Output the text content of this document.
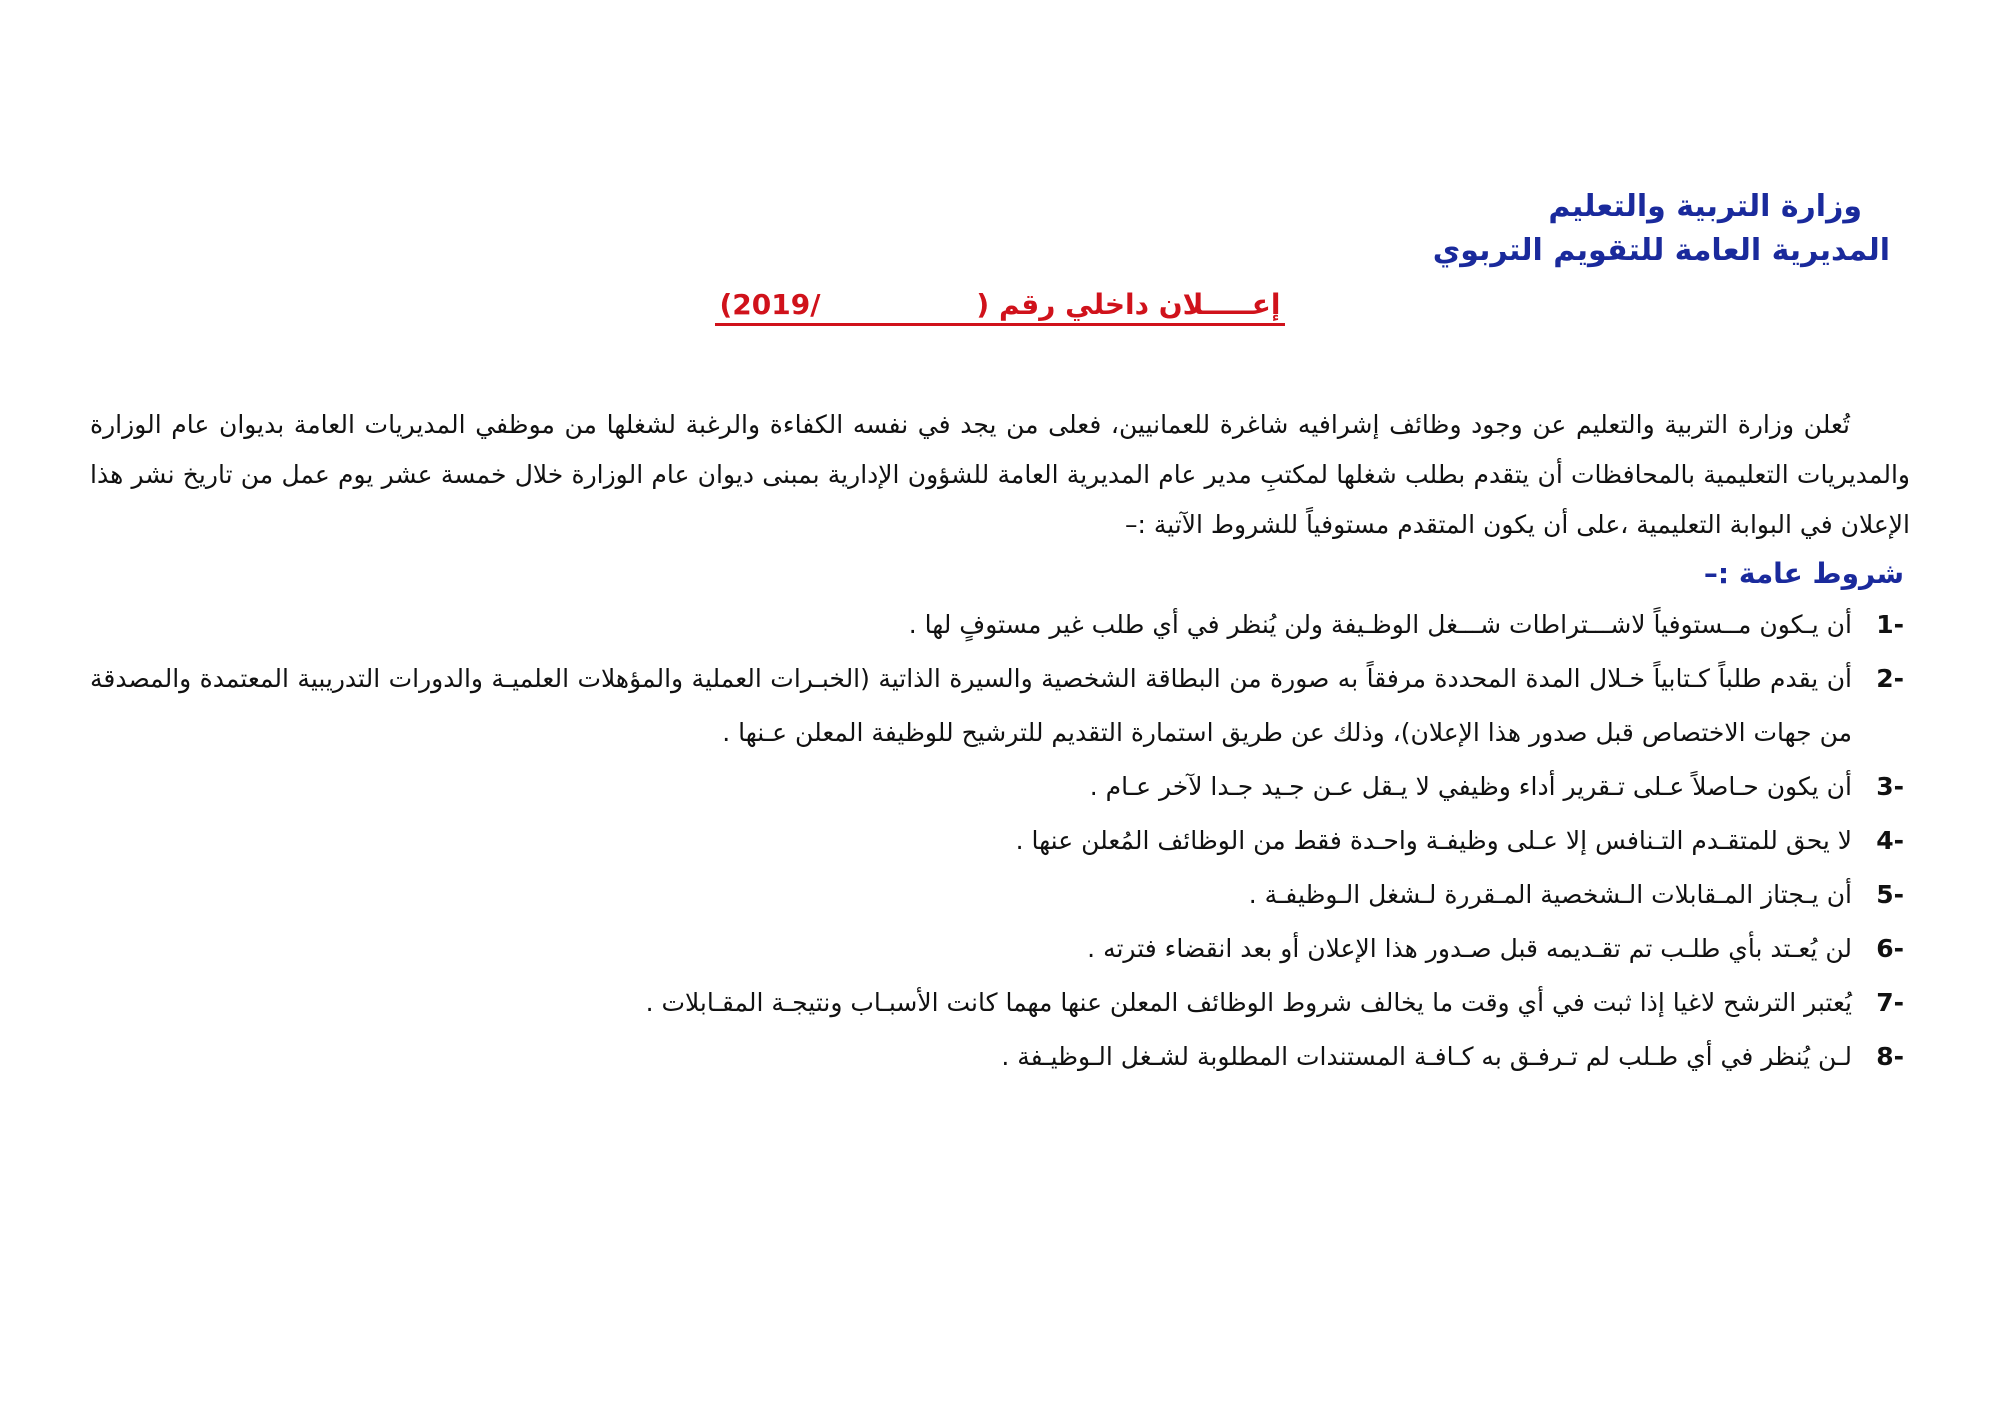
وزارة التربية والتعليم
المديرية العامة للتقويم التربوي
إعـــــلان داخلي رقم (                /2019)

تُعلن وزارة التربية والتعليم عن وجود وظائف إشرافيه شاغرة للعمانيين، فعلى من يجد في نفسه الكفاءة والرغبة لشغلها من موظفي المديريات العامة بديوان عام الوزارة والمديريات التعليمية بالمحافظات أن يتقدم بطلب شغلها لمكتبِ مدير عام المديرية العامة للشؤون الإدارية بمبنى ديوان عام الوزارة خلال خمسة عشر يوم عمل من تاريخ نشر هذا الإعلان في البوابة التعليمية ،على أن يكون المتقدم مستوفياً للشروط الآتية :–

شروط عامة :–
1-
أن يـكون مــستوفياً لاشـــتراطات شـــغل الوظـيفة ولن يُنظر في أي طلب غير مستوفٍ لها .
2-
أن يقدم طلباً كـتابياً خـلال المدة المحددة مرفقاً به صورة من البطاقة الشخصية والسيرة الذاتية (الخبـرات العملية والمؤهلات العلميـة والدورات التدريبية المعتمدة والمصدقة من جهات الاختصاص قبل صدور هذا الإعلان)، وذلك عن طريق استمارة التقديم للترشيح للوظيفة المعلن عـنها .
3-
أن يكون حـاصلاً عـلى تـقرير أداء وظيفي لا يـقل عـن جـيد جـدا لآخر عـام .
4-
لا يحق للمتقـدم التـنافس إلا عـلى وظيفـة واحـدة فقط من الوظائف المُعلن عنها .
5-
أن يـجتاز المـقابلات الـشخصية المـقررة لـشغل الـوظيفـة .
6-
لن يُعـتد بأي طلـب تم تقـديمه قبل صـدور هذا الإعلان أو بعد انقضاء فترته .
7-
يُعتبر الترشح لاغيا إذا ثبت في أي وقت ما يخالف شروط الوظائف المعلن عنها مهما كانت الأسبـاب ونتيجـة المقـابلات .
8-
لـن يُنظر في أي طـلب لم تـرفـق به كـافـة المستندات المطلوبة لشـغل الـوظيـفة .
